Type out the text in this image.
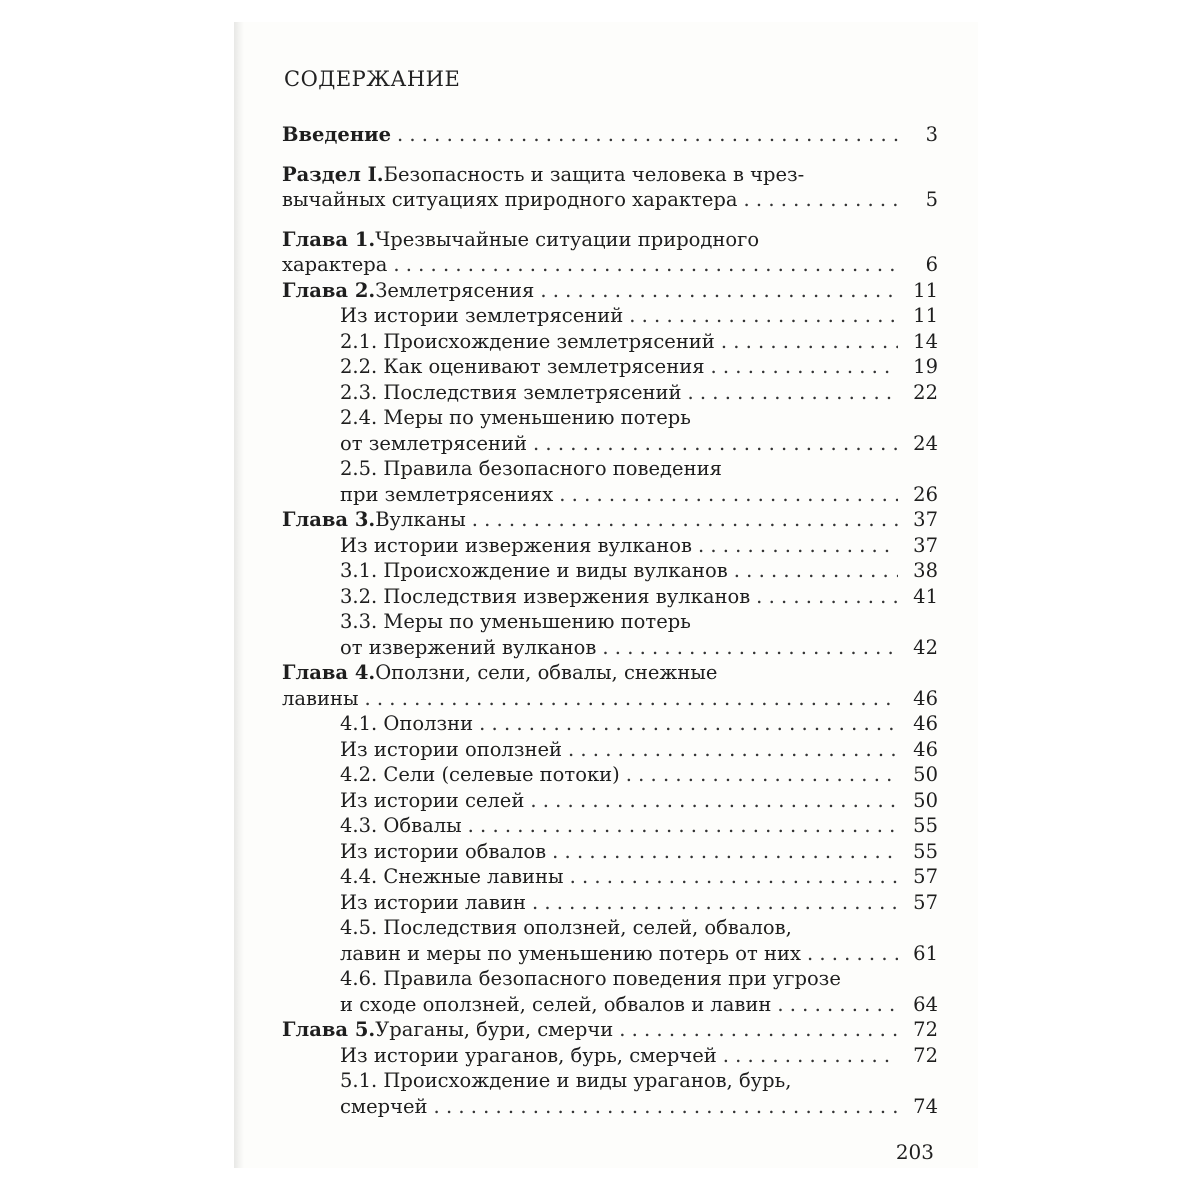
СОДЕРЖАНИЕ
Введение . . .	3
Раздел I. Безопасность и защита человека в чрез-
вычайных ситуациях природного характера . . .	5
Глава 1. Чрезвычайные ситуации природного
характера . . .	6
Глава 2. Землетрясения . . .	11
Из истории землетрясений . . .	11
2.1. Происхождение землетрясений . . .	14
2.2. Как оценивают землетрясения . . .	19
2.3. Последствия землетрясений . . .	22
2.4. Меры по уменьшению потерь
от землетрясений . . .	24
2.5. Правила безопасного поведения
при землетрясениях . . .	26
Глава 3. Вулканы . . .	37
Из истории извержения вулканов . . .	37
3.1. Происхождение и виды вулканов . . .	38
3.2. Последствия извержения вулканов . . .	41
3.3. Меры по уменьшению потерь
от извержений вулканов . . .	42
Глава 4. Оползни, сели, обвалы, снежные
лавины . . .	46
4.1. Оползни . . .	46
Из истории оползней . . .	46
4.2. Сели (селевые потоки) . . .	50
Из истории селей . . .	50
4.3. Обвалы . . .	55
Из истории обвалов . . .	55
4.4. Снежные лавины . . .	57
Из истории лавин . . .	57
4.5. Последствия оползней, селей, обвалов,
лавин и меры по уменьшению потерь от них . . .	61
4.6. Правила безопасного поведения при угрозе
и сходе оползней, селей, обвалов и лавин . . .	64
Глава 5. Ураганы, бури, смерчи . . .	72
Из истории ураганов, бурь, смерчей . . .	72
5.1. Происхождение и виды ураганов, бурь,
смерчей . . .	74
203
